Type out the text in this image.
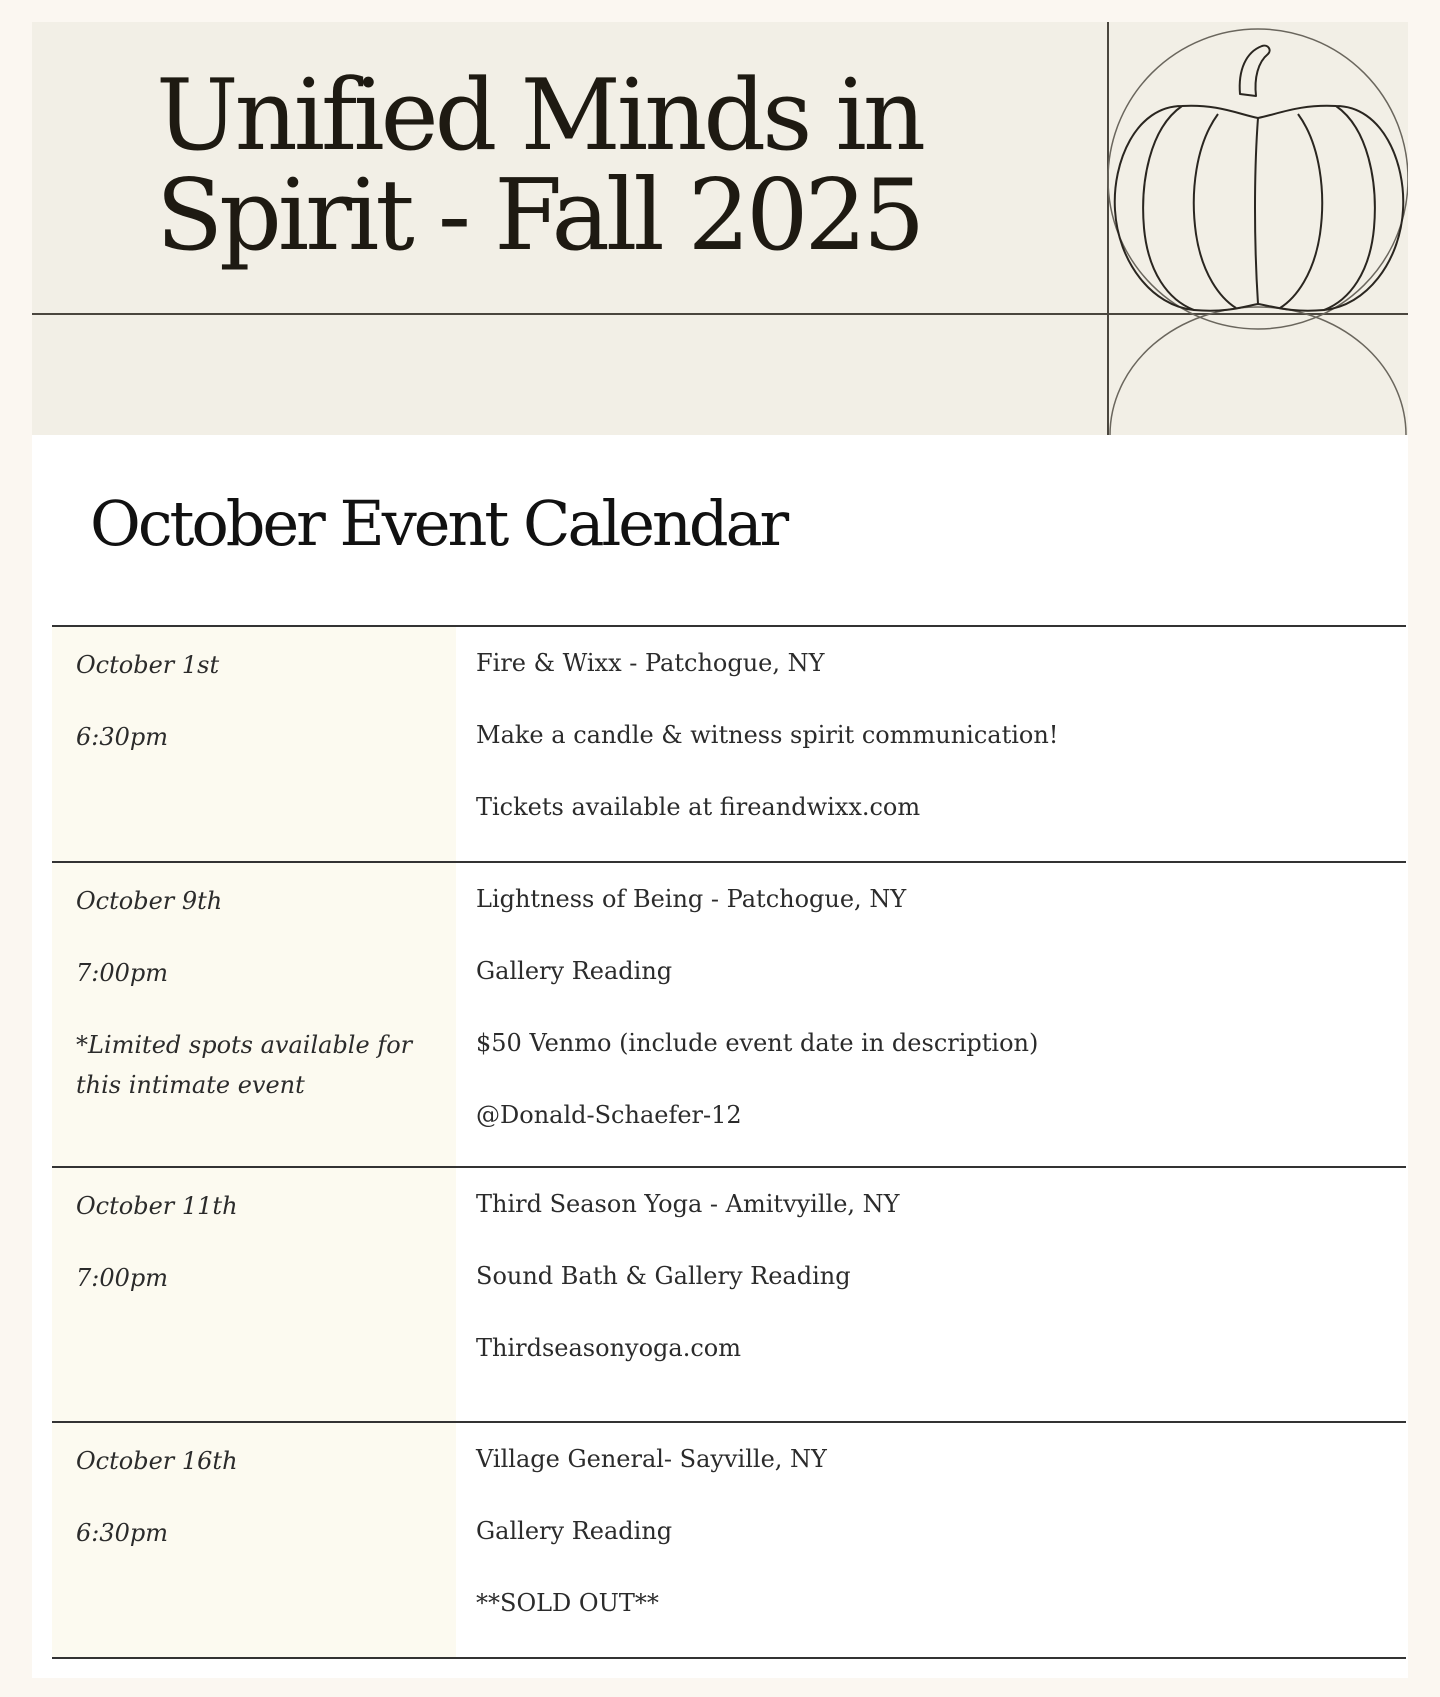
Unified Minds in
Spirit - Fall 2025
October Event Calendar

October 1st

6:30pm

Fire & Wixx - Patchogue, NY

Make a candle & witness spirit communication!

Tickets available at fireandwixx.com

October 9th

7:00pm

*Limited spots available for this intimate event

Lightness of Being - Patchogue, NY

Gallery Reading

$50 Venmo (include event date in description)

@Donald-Schaefer-12

October 11th

7:00pm

Third Season Yoga - Amitvyille, NY

Sound Bath & Gallery Reading

Thirdseasonyoga.com

October 16th

6:30pm

Village General- Sayville, NY

Gallery Reading

**SOLD OUT**
